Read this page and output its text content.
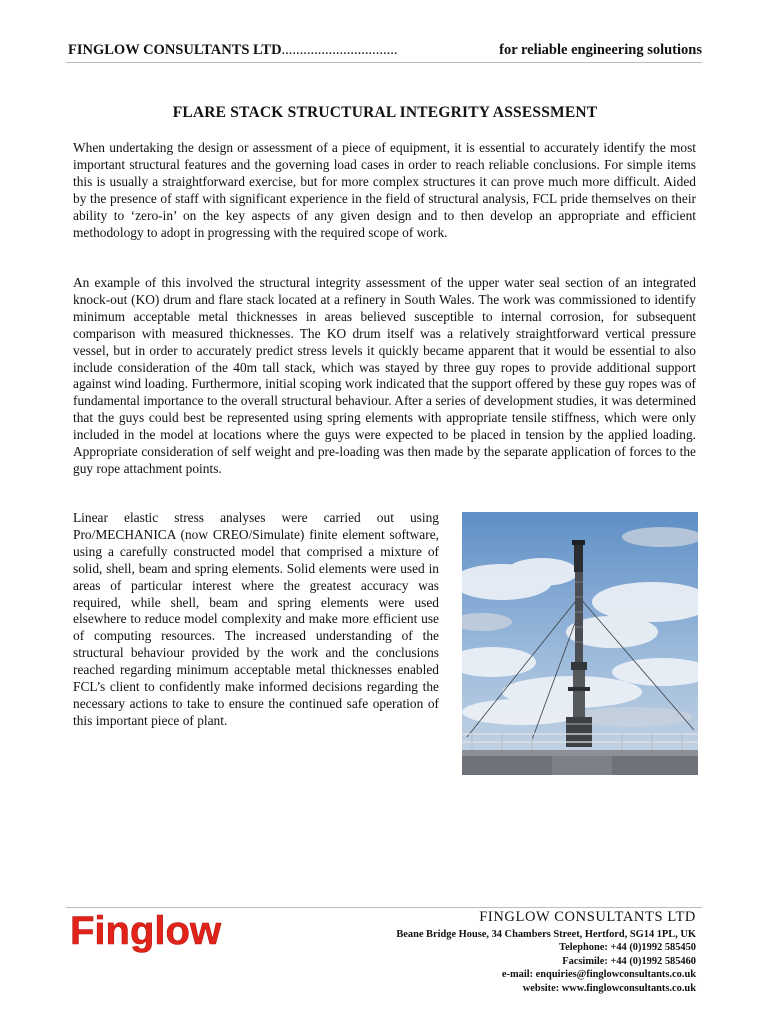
FINGLOW CONSULTANTS LTD................................	for reliable engineering solutions
FLARE STACK STRUCTURAL INTEGRITY ASSESSMENT

When undertaking the design or assessment of a piece of equipment, it is essential to accurately identify the most important structural features and the governing load cases in order to reach reliable conclusions. For simple items this is usually a straightforward exercise, but for more complex structures it can prove much more difficult. Aided by the presence of staff with significant experience in the field of structural analysis, FCL pride themselves on their ability to ‘zero-in’ on the key aspects of any given design and to then develop an appropriate and efficient methodology to adopt in progressing with the required scope of work.

An example of this involved the structural integrity assessment of the upper water seal section of an integrated knock-out (KO) drum and flare stack located at a refinery in South Wales. The work was commissioned to identify minimum acceptable metal thicknesses in areas believed susceptible to internal corrosion, for subsequent comparison with measured thicknesses. The KO drum itself was a relatively straightforward vertical pressure vessel, but in order to accurately predict stress levels it quickly became apparent that it would be essential to also include consideration of the 40m tall stack, which was stayed by three guy ropes to provide additional support against wind loading. Furthermore, initial scoping work indicated that the support offered by these guy ropes was of fundamental importance to the overall structural behaviour. After a series of development studies, it was determined that the guys could best be represented using spring elements with appropriate tensile stiffness, which were only included in the model at locations where the guys were expected to be placed in tension by the applied loading. Appropriate consideration of self weight and pre-loading was then made by the separate application of forces to the guy rope attachment points.

Linear elastic stress analyses were carried out using Pro/MECHANICA (now CREO/Simulate) finite element software, using a carefully constructed model that comprised a mixture of solid, shell, beam and spring elements. Solid elements were used in areas of particular interest where the greatest accuracy was required, while shell, beam and spring elements were used elsewhere to reduce model complexity and make more efficient use of computing resources. The increased understanding of the structural behaviour provided by the work and the conclusions reached regarding minimum acceptable metal thicknesses enabled FCL’s client to confidently make informed decisions regarding the necessary actions to take to ensure the continued safe operation of this important piece of plant.

Finglow	FINGLOW CONSULTANTS LTD
Beane Bridge House, 34 Chambers Street, Hertford, SG14 1PL, UK
Telephone: +44 (0)1992 585450
Facsimile: +44 (0)1992 585460
e-mail: enquiries@finglowconsultants.co.uk
website: www.finglowconsultants.co.uk
